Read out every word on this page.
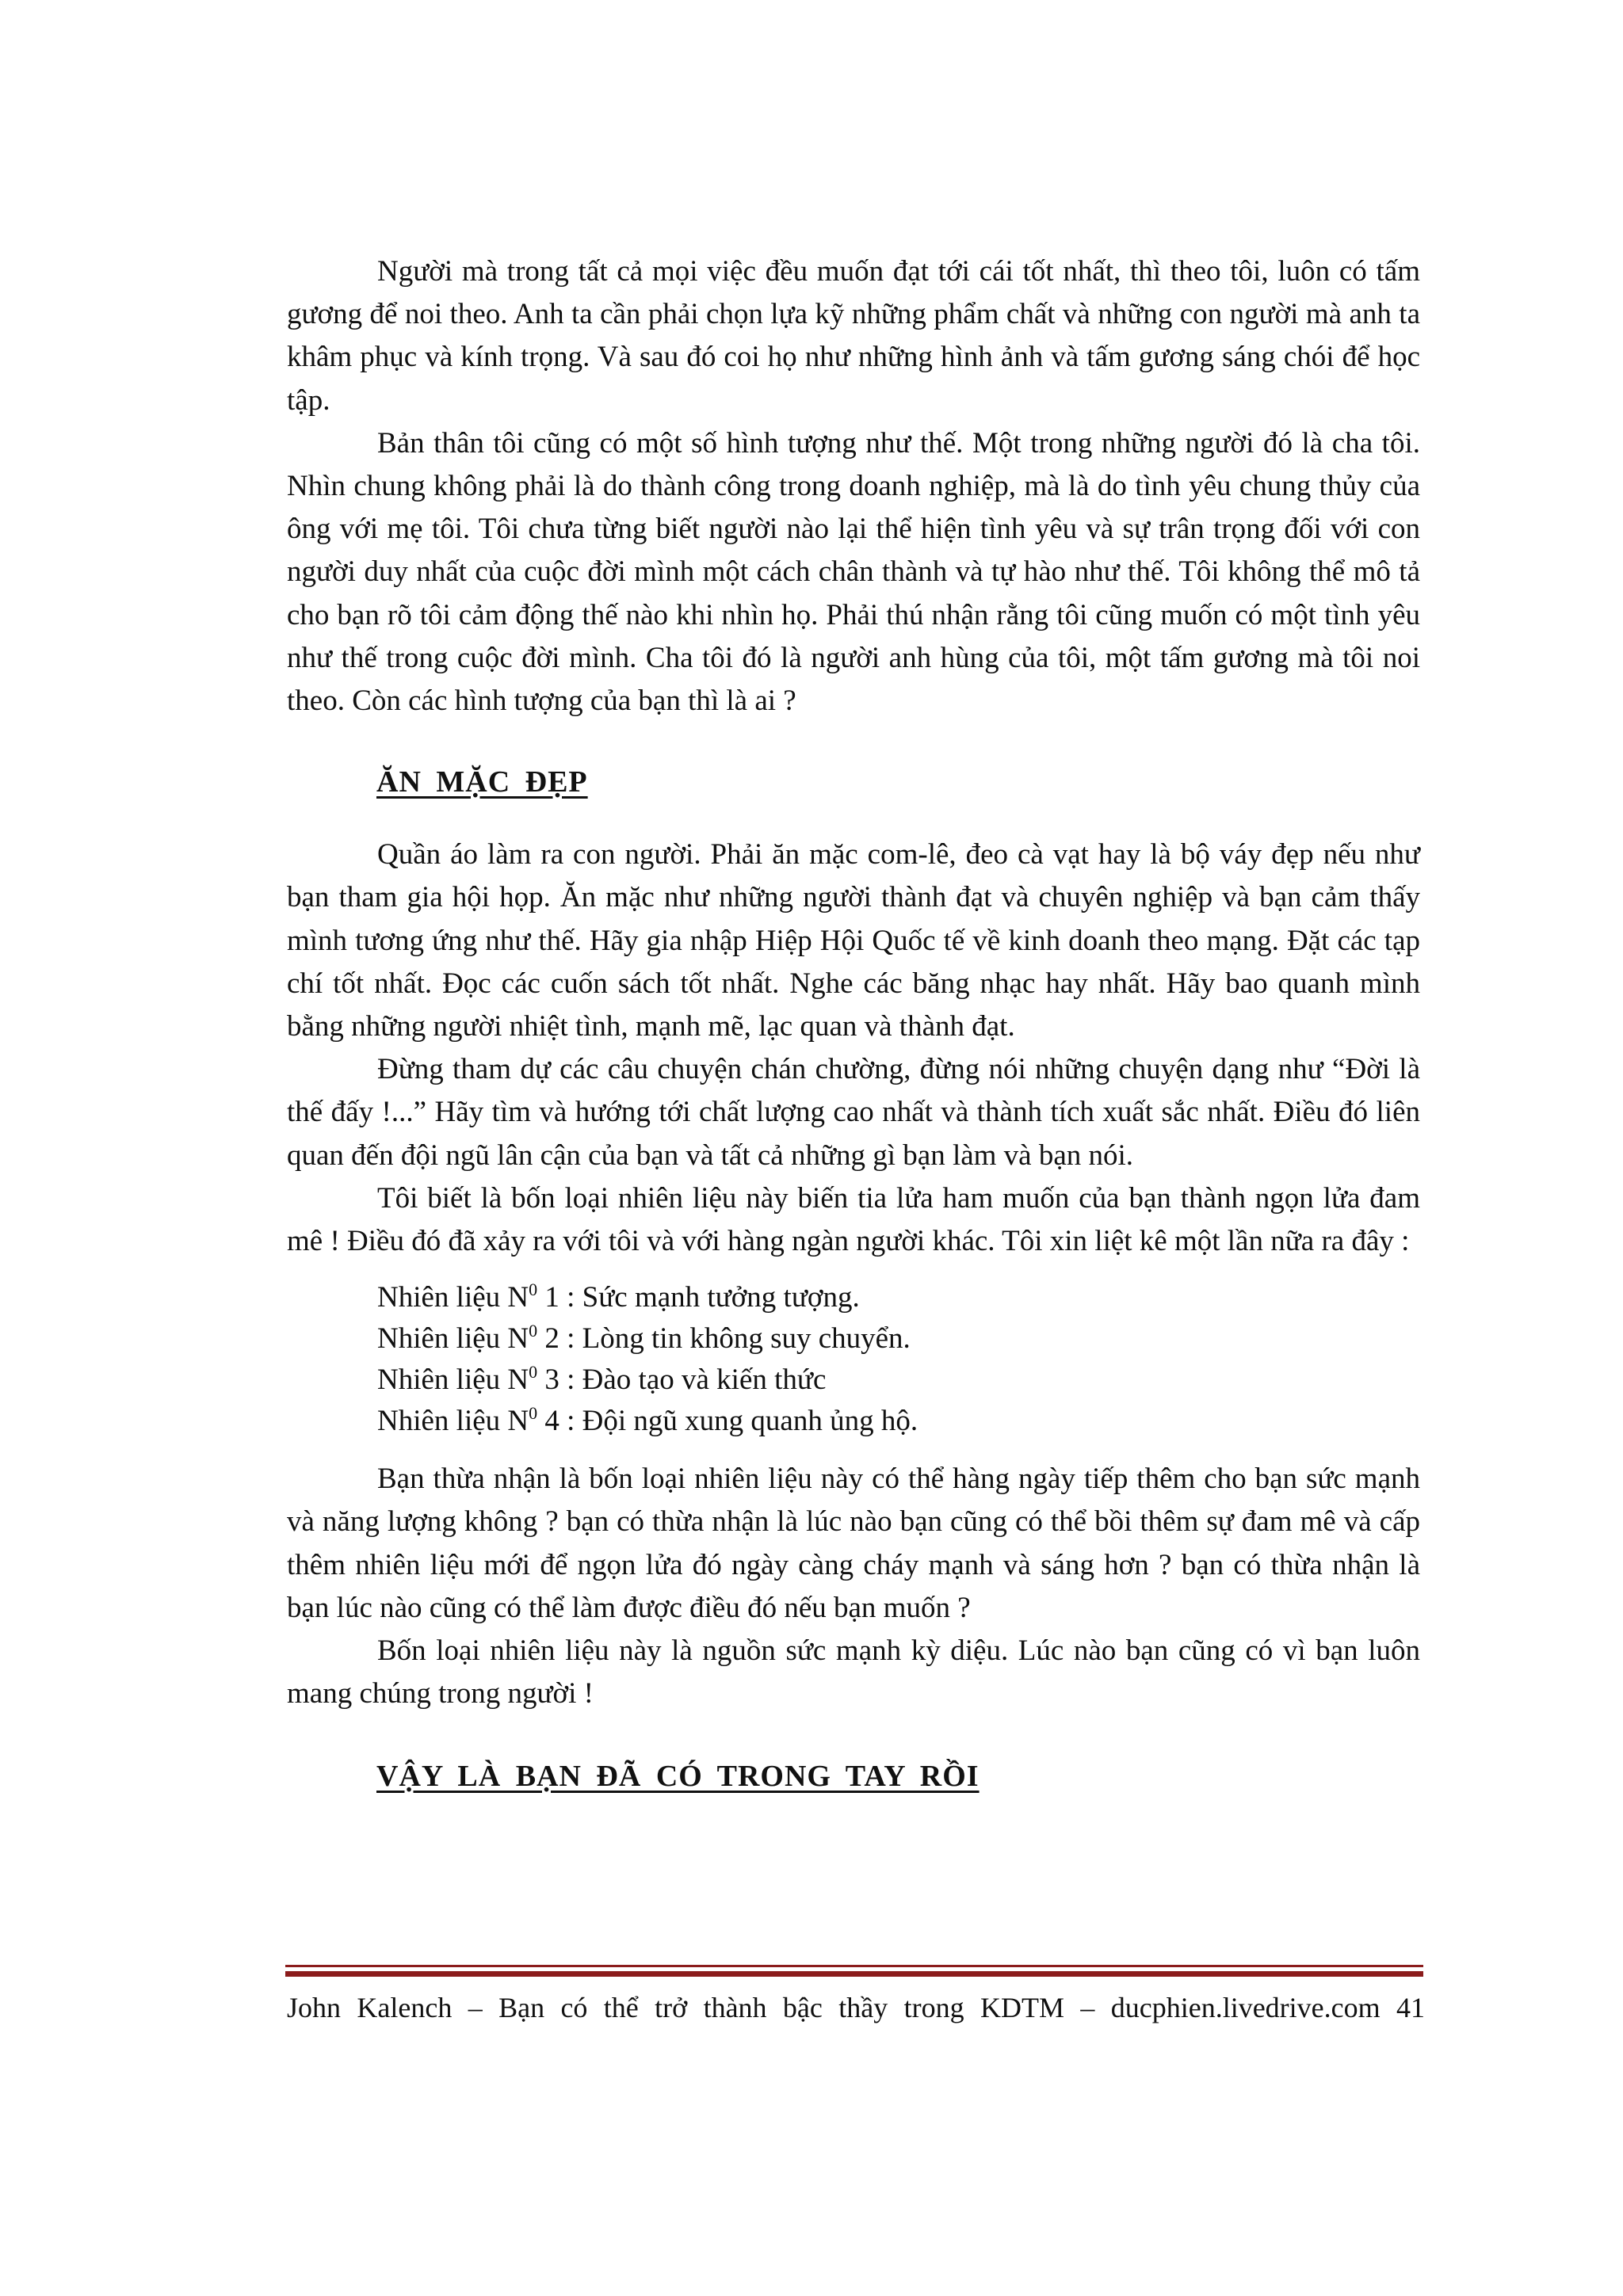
Người mà trong tất cả mọi việc đều muốn đạt tới cái tốt nhất, thì theo tôi, luôn có tấm gương để noi theo. Anh ta cần phải chọn lựa kỹ những phẩm chất và những con người mà anh ta khâm phục và kính trọng. Và sau đó coi họ như những hình ảnh và tấm gương sáng chói để học tập.

Bản thân tôi cũng có một số hình tượng như thế. Một trong những người đó là cha tôi. Nhìn chung không phải là do thành công trong doanh nghiệp, mà là do tình yêu chung thủy của ông với mẹ tôi. Tôi chưa từng biết người nào lại thể hiện tình yêu và sự trân trọng đối với con người duy nhất của cuộc đời mình một cách chân thành và tự hào như thế. Tôi không thể mô tả cho bạn rõ tôi cảm động thế nào khi nhìn họ. Phải thú nhận rằng tôi cũng muốn có một tình yêu như thế trong cuộc đời mình. Cha tôi đó là người anh hùng của tôi, một tấm gương mà tôi noi theo. Còn các hình tượng của bạn thì là ai ?

ĂN MẶC ĐẸP

Quần áo làm ra con người. Phải ăn mặc com-lê, đeo cà vạt hay là bộ váy đẹp nếu như bạn tham gia hội họp. Ăn mặc như những người thành đạt và chuyên nghiệp và bạn cảm thấy mình tương ứng như thế. Hãy gia nhập Hiệp Hội Quốc tế về kinh doanh theo mạng. Đặt các tạp chí tốt nhất. Đọc các cuốn sách tốt nhất. Nghe các băng nhạc hay nhất. Hãy bao quanh mình bằng những người nhiệt tình, mạnh mẽ, lạc quan và thành đạt.

Đừng tham dự các câu chuyện chán chường, đừng nói những chuyện dạng như “Đời là thế đấy !...” Hãy tìm và hướng tới chất lượng cao nhất và thành tích xuất sắc nhất. Điều đó liên quan đến đội ngũ lân cận của bạn và tất cả những gì bạn làm và bạn nói.

Tôi biết là bốn loại nhiên liệu này biến tia lửa ham muốn của bạn thành ngọn lửa đam mê ! Điều đó đã xảy ra với tôi và với hàng ngàn người khác. Tôi xin liệt kê một lần nữa ra đây :

Nhiên liệu $N^0$ 1 : Sức mạnh tưởng tượng.
Nhiên liệu $N^0$ 2 : Lòng tin không suy chuyển.
Nhiên liệu $N^0$ 3 : Đào tạo và kiến thức
Nhiên liệu $N^0$ 4 : Đội ngũ xung quanh ủng hộ.

Bạn thừa nhận là bốn loại nhiên liệu này có thể hàng ngày tiếp thêm cho bạn sức mạnh và năng lượng không ? bạn có thừa nhận là lúc nào bạn cũng có thể bồi thêm sự đam mê và cấp thêm nhiên liệu mới để ngọn lửa đó ngày càng cháy mạnh và sáng hơn ? bạn có thừa nhận là bạn lúc nào cũng có thể làm được điều đó nếu bạn muốn ?

Bốn loại nhiên liệu này là nguồn sức mạnh kỳ diệu. Lúc nào bạn cũng có vì bạn luôn mang chúng trong người !

VẬY LÀ BẠN ĐÃ CÓ TRONG TAY RỒI
John Kalench – Bạn có thể trở thành bậc thầy trong KDTM – ducphien.livedrive.com 41
